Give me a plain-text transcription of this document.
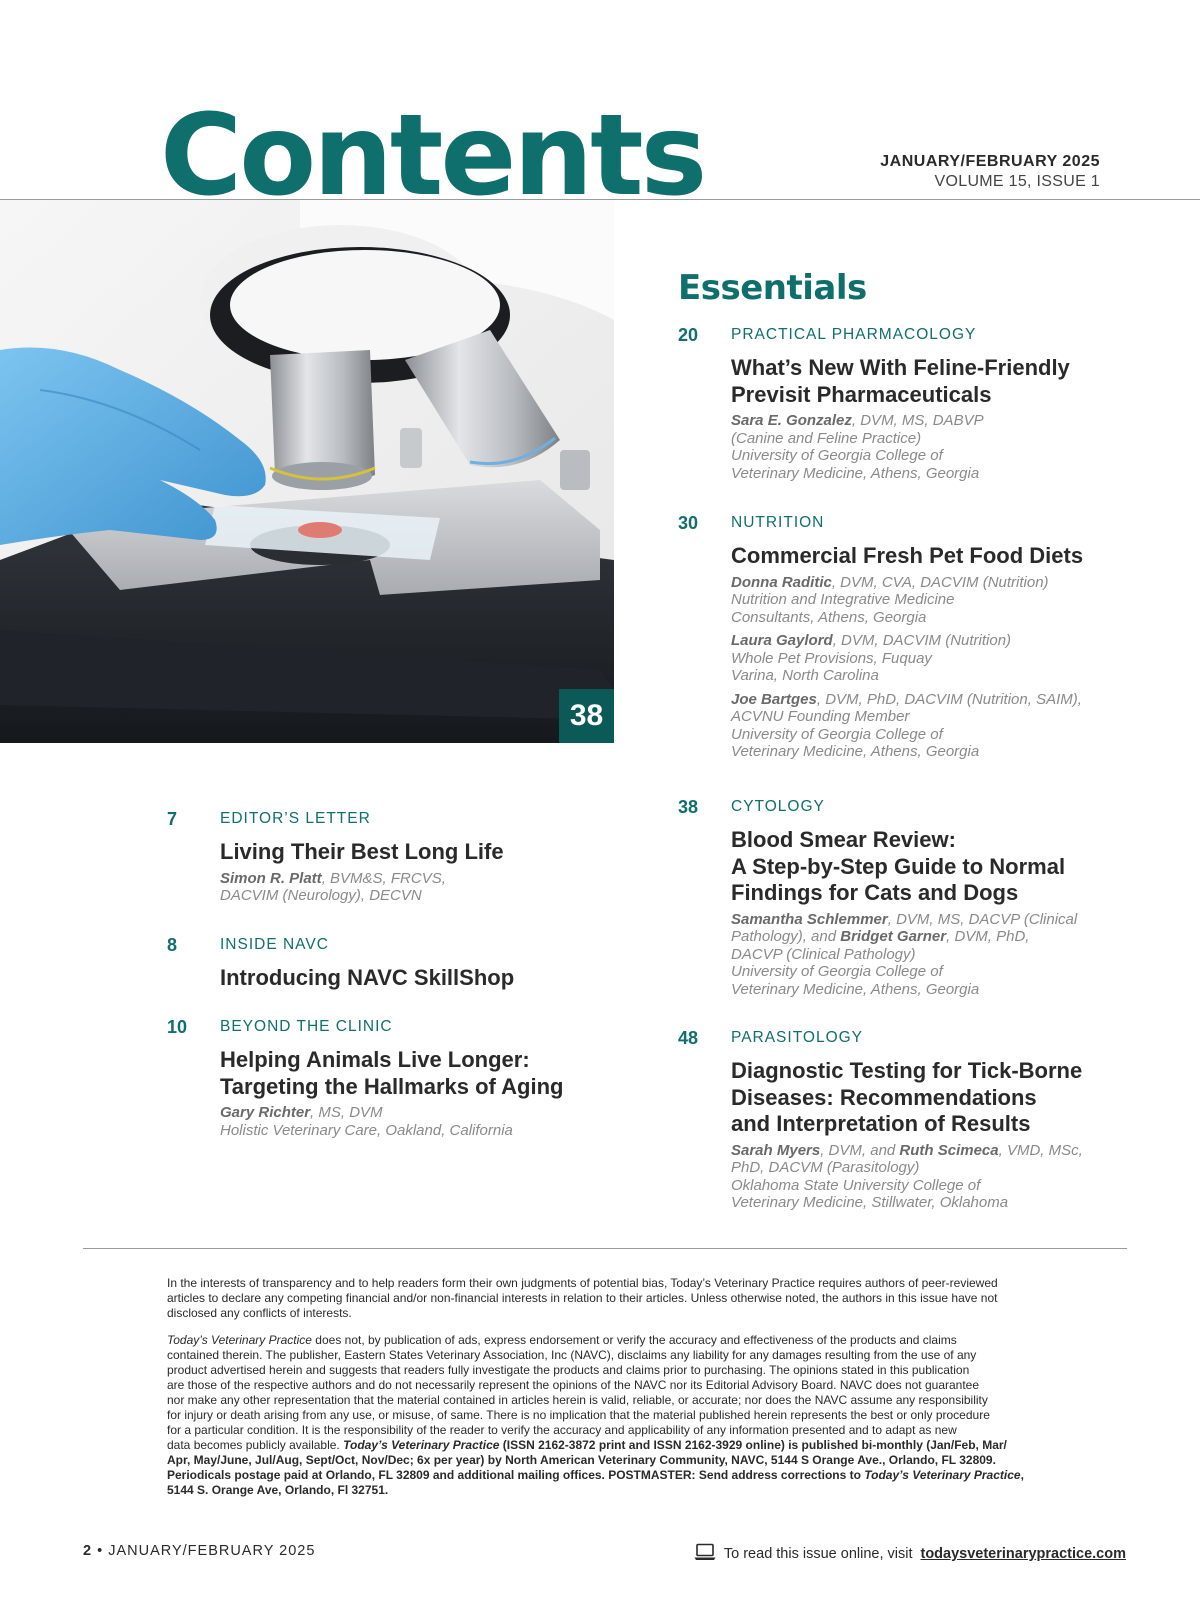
Contents	JANUARY/FEBRUARY 2025
VOLUME 15, ISSUE 1
38
Essentials
20 PRACTICAL PHARMACOLOGY
What’s New With Feline-Friendly
Previsit Pharmaceuticals
Sara E. Gonzalez, DVM, MS, DABVP
(Canine and Feline Practice)
University of Georgia College of
Veterinary Medicine, Athens, Georgia
30 NUTRITION
Commercial Fresh Pet Food Diets
Donna Raditic, DVM, CVA, DACVIM (Nutrition)
Nutrition and Integrative Medicine
Consultants, Athens, Georgia
Laura Gaylord, DVM, DACVIM (Nutrition)
Whole Pet Provisions, Fuquay
Varina, North Carolina
Joe Bartges, DVM, PhD, DACVIM (Nutrition, SAIM),
ACVNU Founding Member
University of Georgia College of
Veterinary Medicine, Athens, Georgia
38 CYTOLOGY
Blood Smear Review:
A Step-by-Step Guide to Normal
Findings for Cats and Dogs
Samantha Schlemmer, DVM, MS, DACVP (Clinical
Pathology), and Bridget Garner, DVM, PhD,
DACVP (Clinical Pathology)
University of Georgia College of
Veterinary Medicine, Athens, Georgia
48 PARASITOLOGY
Diagnostic Testing for Tick-Borne
Diseases: Recommendations
and Interpretation of Results
Sarah Myers, DVM, and Ruth Scimeca, VMD, MSc,
PhD, DACVM (Parasitology)
Oklahoma State University College of
Veterinary Medicine, Stillwater, Oklahoma
7	EDITOR’S LETTER
Living Their Best Long Life
Simon R. Platt, BVM&S, FRCVS,
DACVIM (Neurology), DECVN
8	INSIDE NAVC
Introducing NAVC SkillShop
10 BEYOND THE CLINIC
Helping Animals Live Longer:
Targeting the Hallmarks of Aging
Gary Richter, MS, DVM
Holistic Veterinary Care, Oakland, California
In the interests of transparency and to help readers form their own judgments of potential bias, Today’s Veterinary Practice requires authors of peer-reviewed
articles to declare any competing financial and/or non-financial interests in relation to their articles. Unless otherwise noted, the authors in this issue have not
disclosed any conflicts of interests.
Today’s Veterinary Practice does not, by publication of ads, express endorsement or verify the accuracy and effectiveness of the products and claims
contained therein. The publisher, Eastern States Veterinary Association, Inc (NAVC), disclaims any liability for any damages resulting from the use of any
product advertised herein and suggests that readers fully investigate the products and claims prior to purchasing. The opinions stated in this publication
are those of the respective authors and do not necessarily represent the opinions of the NAVC nor its Editorial Advisory Board. NAVC does not guarantee
nor make any other representation that the material contained in articles herein is valid, reliable, or accurate; nor does the NAVC assume any responsibility
for injury or death arising from any use, or misuse, of same. There is no implication that the material published herein represents the best or only procedure
for a particular condition. It is the responsibility of the reader to verify the accuracy and applicability of any information presented and to adapt as new
data becomes publicly available. Today’s Veterinary Practice (ISSN 2162-3872 print and ISSN 2162-3929 online) is published bi-monthly (Jan/Feb, Mar/
Apr, May/June, Jul/Aug, Sept/Oct, Nov/Dec; 6x per year) by North American Veterinary Community, NAVC, 5144 S Orange Ave., Orlando, FL 32809.
Periodicals postage paid at Orlando, FL 32809 and additional mailing offices. POSTMASTER: Send address corrections to Today’s Veterinary Practice,
5144 S. Orange Ave, Orlando, Fl 32751.
2 • JANUARY/FEBRUARY 2025	To read this issue online, visit todaysveterinarypractice.com
